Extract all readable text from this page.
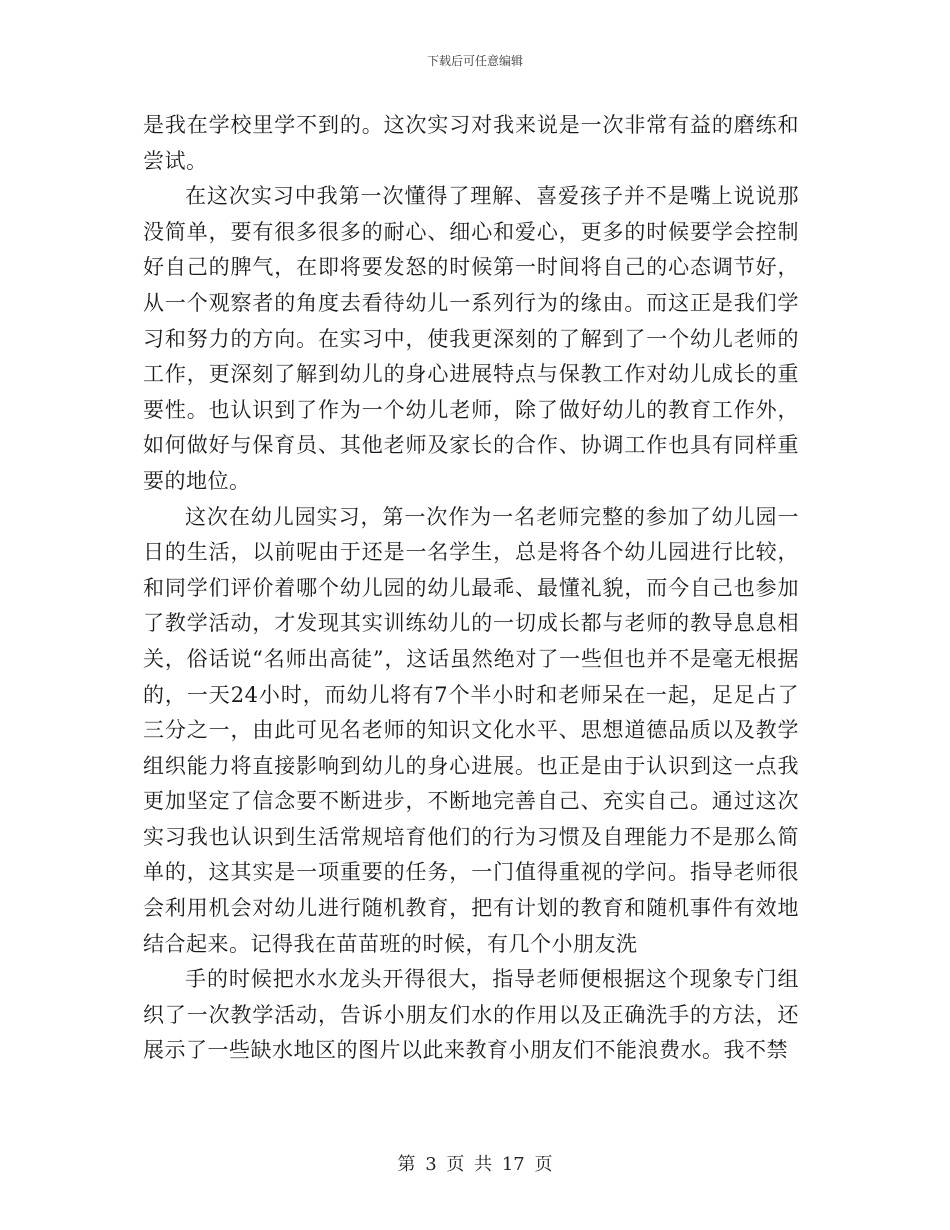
下载后可任意编辑

是我在学校里学不到的。这次实习对我来说是一次非常有益的磨练和尝试。

在这次实习中我第一次懂得了理解、喜爱孩子并不是嘴上说说那没简单，要有很多很多的耐心、细心和爱心，更多的时候要学会控制好自己的脾气，在即将要发怒的时候第一时间将自己的心态调节好，从一个观察者的角度去看待幼儿一系列行为的缘由。而这正是我们学习和努力的方向。在实习中，使我更深刻的了解到了一个幼儿老师的工作，更深刻了解到幼儿的身心进展特点与保教工作对幼儿成长的重要性。也认识到了作为一个幼儿老师，除了做好幼儿的教育工作外，如何做好与保育员、其他老师及家长的合作、协调工作也具有同样重要的地位。

这次在幼儿园实习，第一次作为一名老师完整的参加了幼儿园一日的生活，以前呢由于还是一名学生，总是将各个幼儿园进行比较，和同学们评价着哪个幼儿园的幼儿最乖、最懂礼貌，而今自己也参加了教学活动，才发现其实训练幼儿的一切成长都与老师的教导息息相关，俗话说“名师出高徒”，这话虽然绝对了一些但也并不是毫无根据的，一天24小时，而幼儿将有7个半小时和老师呆在一起，足足占了三分之一，由此可见名老师的知识文化水平、思想道德品质以及教学组织能力将直接影响到幼儿的身心进展。也正是由于认识到这一点我更加坚定了信念要不断进步，不断地完善自己、充实自己。通过这次实习我也认识到生活常规培育他们的行为习惯及自理能力不是那么简单的，这其实是一项重要的任务，一门值得重视的学问。指导老师很会利用机会对幼儿进行随机教育，把有计划的教育和随机事件有效地结合起来。记得我在苗苗班的时候，有几个小朋友洗

手的时候把水水龙头开得很大，指导老师便根据这个现象专门组织了一次教学活动，告诉小朋友们水的作用以及正确洗手的方法，还展示了一些缺水地区的图片以此来教育小朋友们不能浪费水。我不禁

第 3 页 共 17 页
